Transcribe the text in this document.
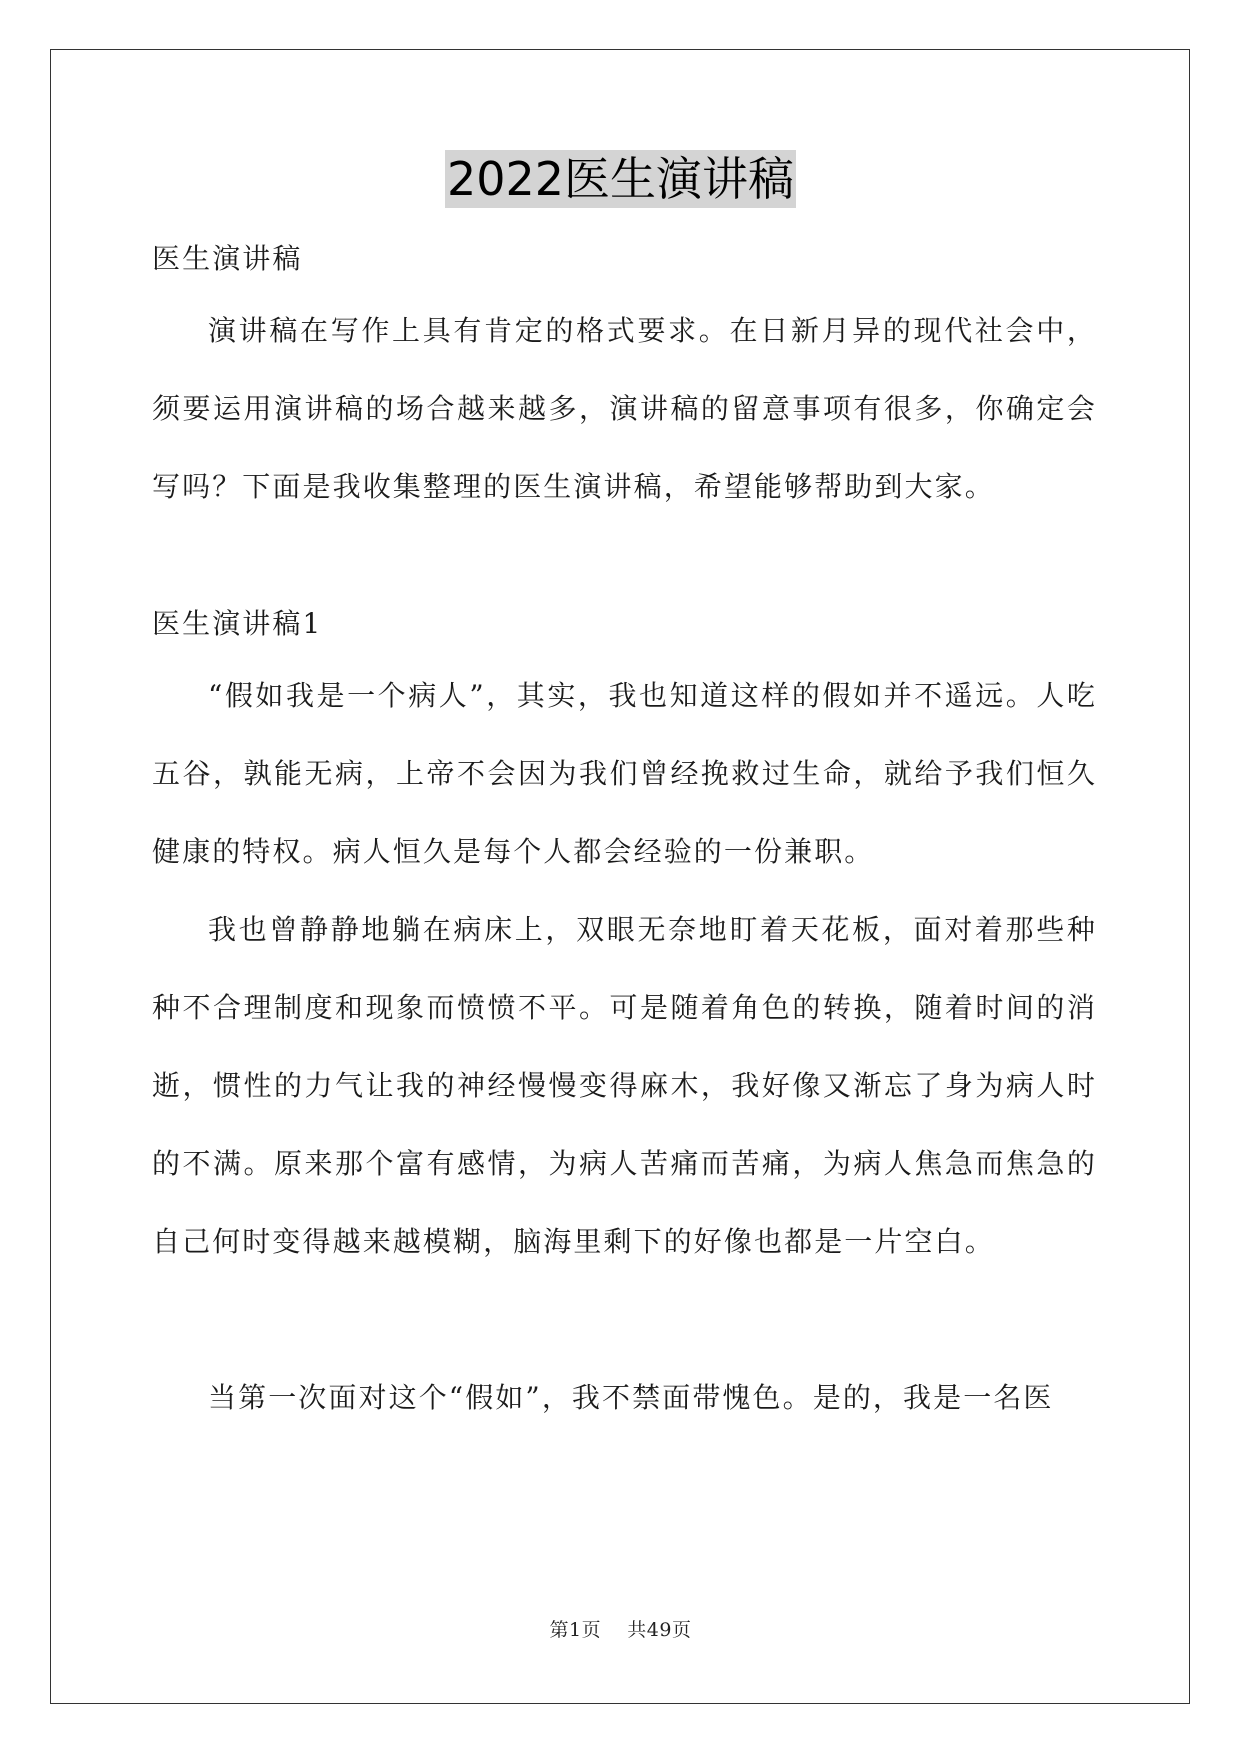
2022医生演讲稿

医生演讲稿

演讲稿在写作上具有肯定的格式要求。在日新月异的现代社会中，须要运用演讲稿的场合越来越多，演讲稿的留意事项有很多，你确定会写吗？下面是我收集整理的医生演讲稿，希望能够帮助到大家。

医生演讲稿1

“假如我是一个病人”，其实，我也知道这样的假如并不遥远。人吃五谷，孰能无病，上帝不会因为我们曾经挽救过生命，就给予我们恒久健康的特权。病人恒久是每个人都会经验的一份兼职。

我也曾静静地躺在病床上，双眼无奈地盯着天花板，面对着那些种种不合理制度和现象而愤愤不平。可是随着角色的转换，随着时间的消逝，惯性的力气让我的神经慢慢变得麻木，我好像又渐忘了身为病人时的不满。原来那个富有感情，为病人苦痛而苦痛，为病人焦急而焦急的自己何时变得越来越模糊，脑海里剩下的好像也都是一片空白。

当第一次面对这个“假如”，我不禁面带愧色。是的，我是一名医

第1页 共49页
